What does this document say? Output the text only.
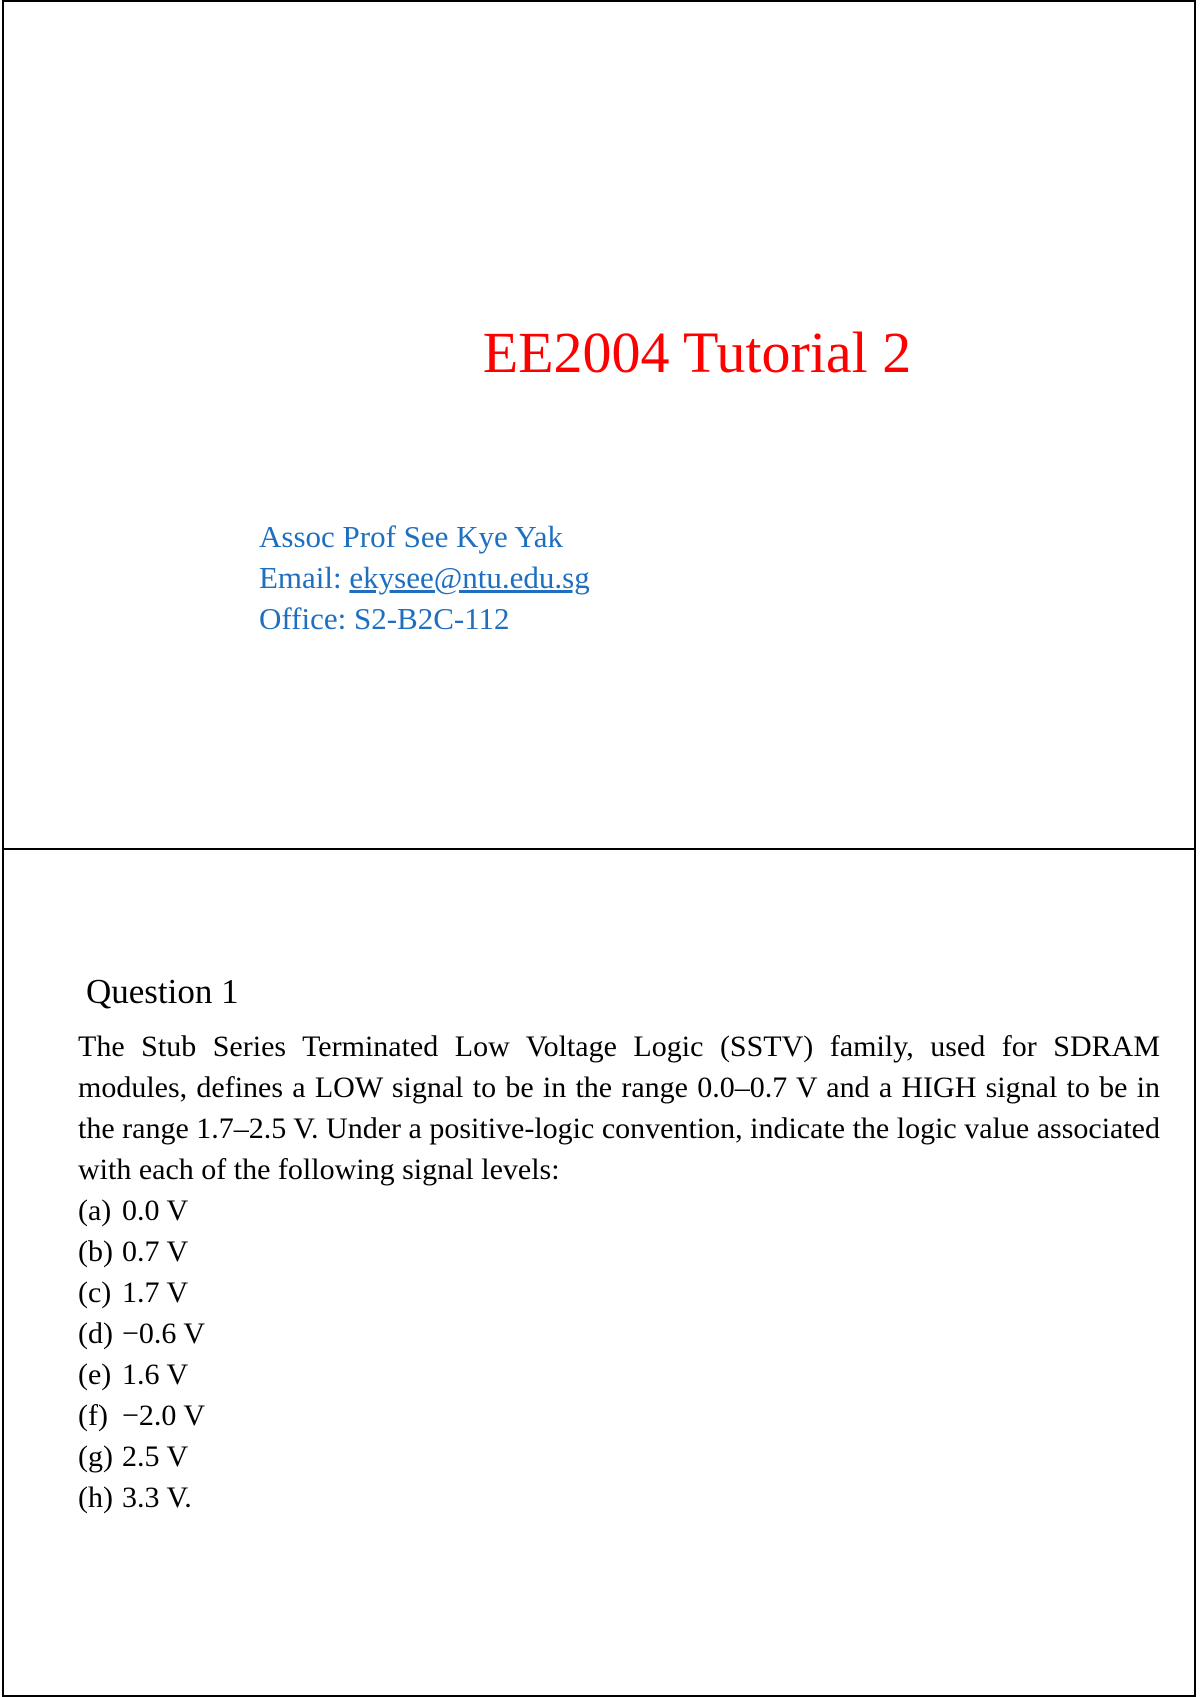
EE2004 Tutorial 2
Assoc Prof See Kye Yak
Email: ekysee@ntu.edu.sg
Office: S2-B2C-112
Question 1
The Stub Series Terminated Low Voltage Logic (SSTV) family, used for SDRAM modules, defines a LOW signal to be in the range 0.0–0.7 V and a HIGH signal to be in the range 1.7–2.5 V. Under a positive-logic convention, indicate the logic value associated with each of the following signal levels:
(a) 0.0 V
(b) 0.7 V
(c) 1.7 V
(d) −0.6 V
(e) 1.6 V
(f) −2.0 V
(g) 2.5 V
(h) 3.3 V.
